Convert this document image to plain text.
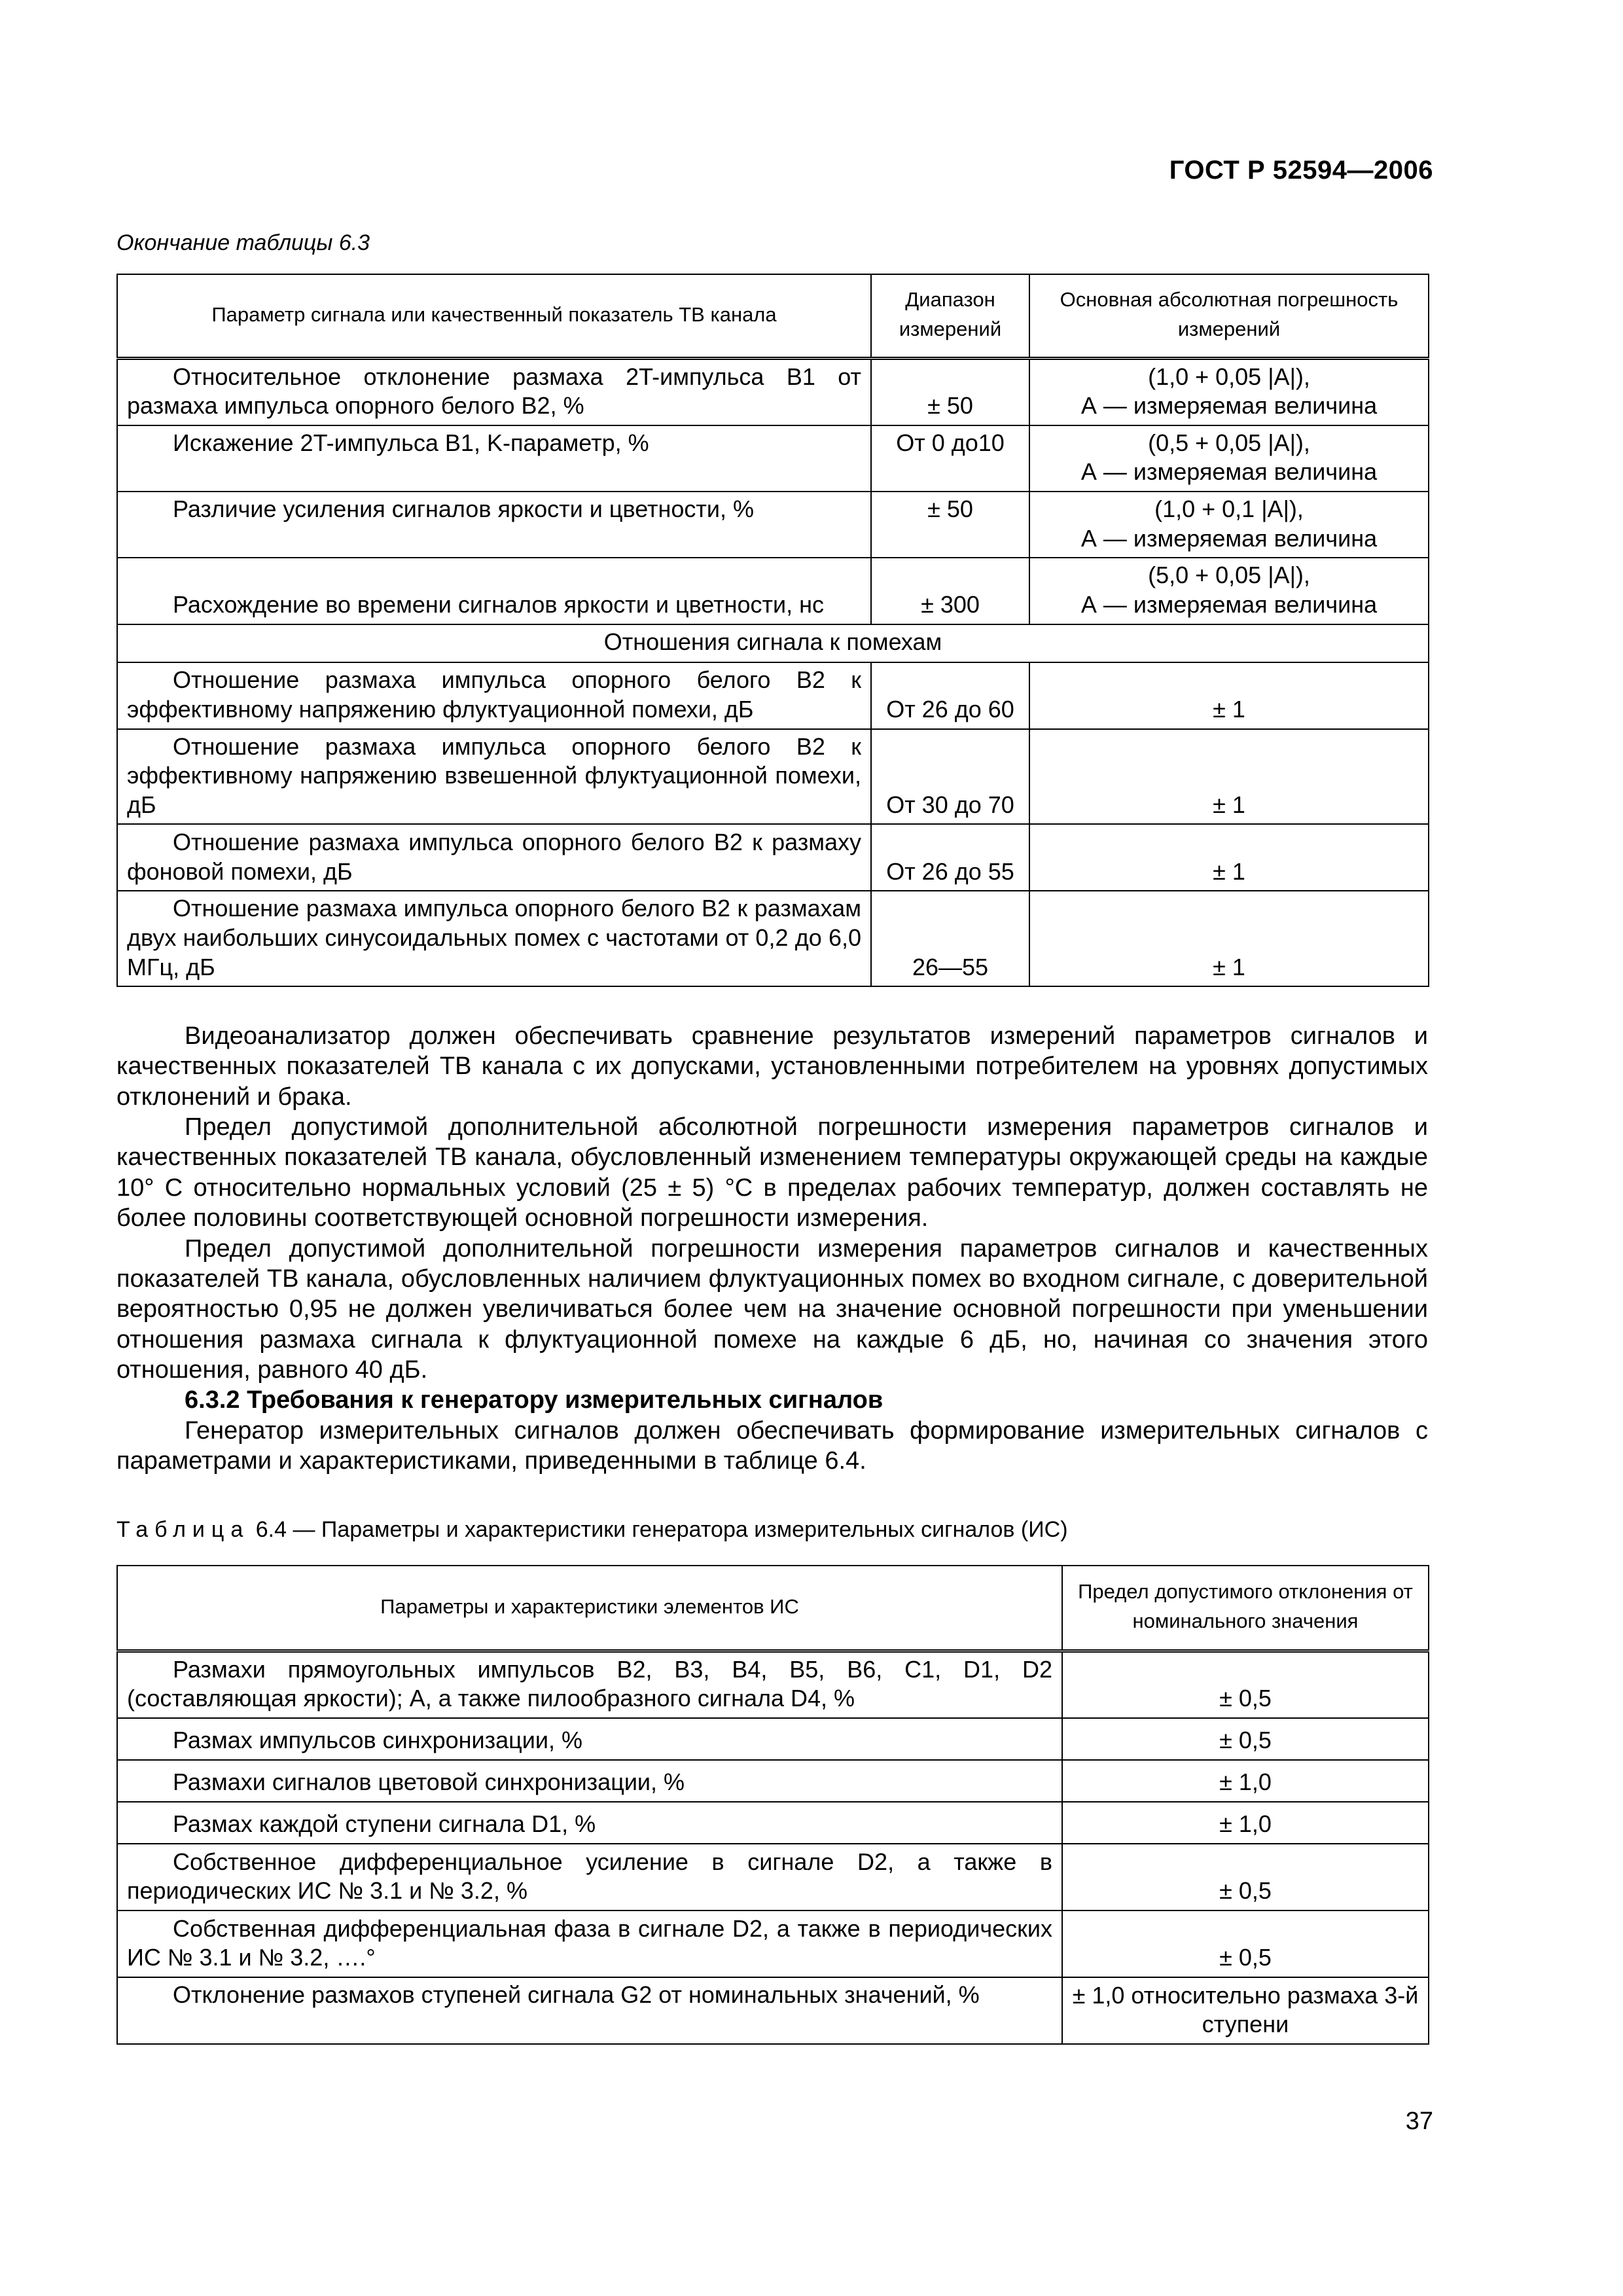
ГОСТ Р 52594—2006
Окончание таблицы 6.3
Параметр сигнала или качественный показатель ТВ канала	Диапазон измерений	Основная абсолютная погрешность измерений
Относительное отклонение размаха 2T-импульса В1 от размаха импульса опорного белого В2, %	± 50	(1,0 + 0,05 |А|),
А — измеряемая величина

Искажение 2T-импульса В1, K-параметр, %	От 0 до10	(0,5 + 0,05 |А|),
А — измеряемая величина

Различие усиления сигналов яркости и цветности, %	± 50	(1,0 + 0,1 |А|),
А — измеряемая величина

Расхождение во времени сигналов яркости и цветности, нс	± 300	(5,0 + 0,05 |А|),
А — измеряемая величина

Отношения сигнала к помехам		
Отношение размаха импульса опорного белого В2 к эффективному напряжению флуктуационной помехи, дБ	От 26 до 60	± 1
Отношение размаха импульса опорного белого В2 к эффективному напряжению взвешенной флуктуационной помехи, дБ	От 30 до 70	± 1
Отношение размаха импульса опорного белого В2 к размаху фоновой помехи, дБ	От 26 до 55	± 1
Отношение размаха импульса опорного белого В2 к размахам двух наибольших синусоидальных помех с частотами от 0,2 до 6,0 МГц, дБ	26—55	± 1

Видеоанализатор должен обеспечивать сравнение результатов измерений параметров сигналов и качественных показателей ТВ канала с их допусками, установленными потребителем на уровнях допустимых отклонений и брака.

Предел допустимой дополнительной абсолютной погрешности измерения параметров сигналов и качественных показателей ТВ канала, обусловленный изменением температуры окружающей среды на каждые 10° С относительно нормальных условий (25 ± 5) °С в пределах рабочих температур, должен составлять не более половины соответствующей основной погрешности измерения.

Предел допустимой дополнительной погрешности измерения параметров сигналов и качественных показателей ТВ канала, обусловленных наличием флуктуационных помех во входном сигнале, с доверительной вероятностью 0,95 не должен увеличиваться более чем на значение основной погрешности при уменьшении отношения размаха сигнала к флуктуационной помехе на каждые 6 дБ, но, начиная со значения этого отношения, равного 40 дБ.

6.3.2 Требования к генератору измерительных сигналов

Генератор измерительных сигналов должен обеспечивать формирование измерительных сигналов с параметрами и характеристиками, приведенными в таблице 6.4.

Таблица 6.4 — Параметры и характеристики генератора измерительных сигналов (ИС)
Параметры и характеристики элементов ИС	Предел допустимого отклонения от номинального значения
Размахи прямоугольных импульсов В2, В3, В4, В5, В6, С1, D1, D2 (составляющая яркости); А, а также пилообразного сигнала D4, %	± 0,5
Размах импульсов синхронизации, %	± 0,5
Размахи сигналов цветовой синхронизации, %	± 1,0
Размах каждой ступени сигнала D1, %	± 1,0
Собственное дифференциальное усиление в сигнале D2, а также в периодических ИС № 3.1 и № 3.2, %	± 0,5
Собственная дифференциальная фаза в сигнале D2, а также в периодических ИС № 3.1 и № 3.2, ….°	± 0,5
Отклонение размахов ступеней сигнала G2 от номинальных значений, %	± 1,0 относительно размаха 3-й ступени
37
